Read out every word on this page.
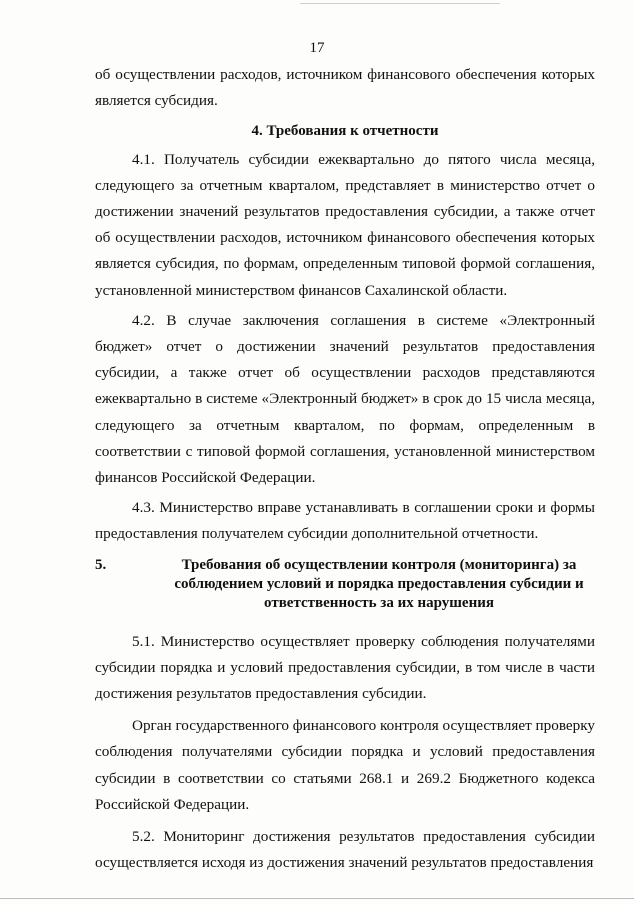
17

об осуществлении расходов, источником финансового обеспечения которых является субсидия.

4. Требования к отчетности

4.1. Получатель субсидии ежеквартально до пятого числа месяца, следующего за отчетным кварталом, представляет в министерство отчет о достижении значений результатов предоставления субсидии, а также отчет об осуществлении расходов, источником финансового обеспечения которых является субсидия, по формам, определенным типовой формой соглашения, установленной министерством финансов Сахалинской области.

4.2. В случае заключения соглашения в системе «Электронный бюджет» отчет о достижении значений результатов предоставления субсидии, а также отчет об осуществлении расходов представляются ежеквартально в системе «Электронный бюджет» в срок до 15 числа месяца, следующего за отчетным кварталом, по формам, определенным в соответствии с типовой формой соглашения, установленной министерством финансов Российской Федерации.

4.3. Министерство вправе устанавливать в соглашении сроки и формы предоставления получателем субсидии дополнительной отчетности.

5.	Требования об осуществлении контроля (мониторинга) за соблюдением условий и порядка предоставления субсидии и ответственность за их нарушения

5.1. Министерство осуществляет проверку соблюдения получателями субсидии порядка и условий предоставления субсидии, в том числе в части достижения результатов предоставления субсидии.

Орган государственного финансового контроля осуществляет проверку соблюдения получателями субсидии порядка и условий предоставления субсидии в соответствии со статьями 268.1 и 269.2 Бюджетного кодекса Российской Федерации.

5.2. Мониторинг достижения результатов предоставления субсидии осуществляется исходя из достижения значений результатов предоставления
